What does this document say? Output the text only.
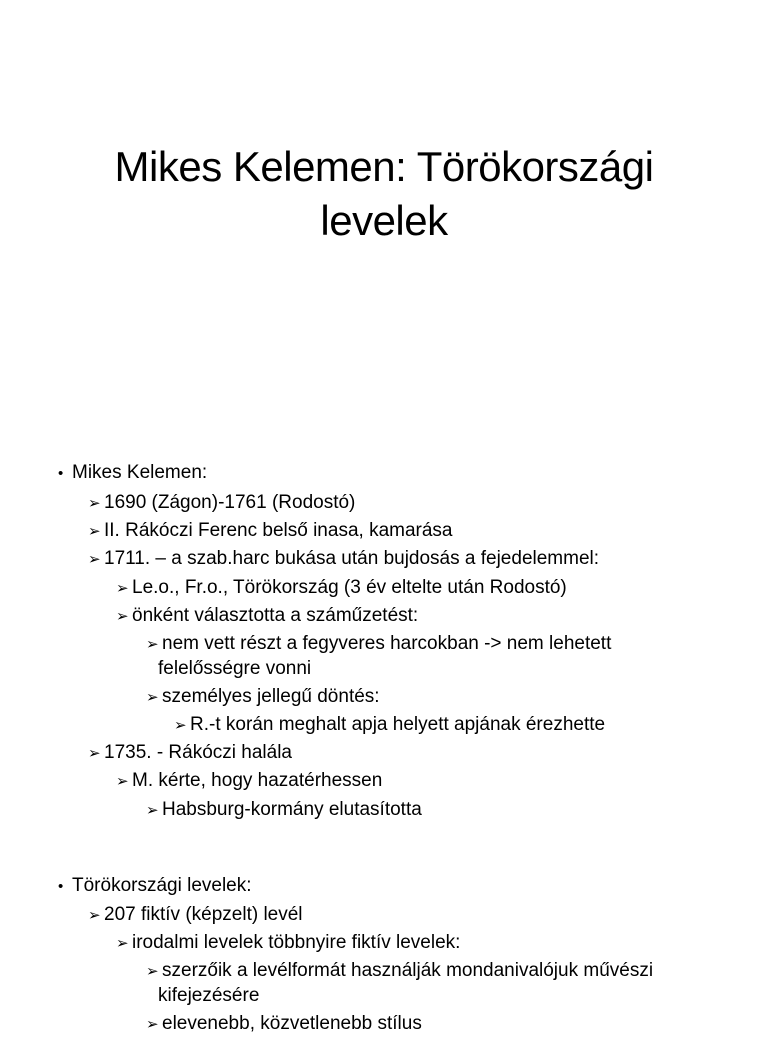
Mikes Kelemen: Törökországi levelek
• Mikes Kelemen:
➢ 1690 (Zágon)-1761 (Rodostó)
➢ II. Rákóczi Ferenc belső inasa, kamarása
➢ 1711. – a szab.harc bukása után bujdosás a fejedelemmel:
➢ Le.o., Fr.o., Törökország (3 év eltelte után Rodostó)
➢ önként választotta a száműzetést:
➢ nem vett részt a fegyveres harcokban -> nem lehetett
felelősségre vonni
➢ személyes jellegű döntés:
➢ R.-t korán meghalt apja helyett apjának érezhette
➢ 1735. - Rákóczi halála
➢ M. kérte, hogy hazatérhessen
➢ Habsburg-kormány elutasította
• Törökországi levelek:
➢ 207 fiktív (képzelt) levél
➢ irodalmi levelek többnyire fiktív levelek:
➢ szerzőik a levélformát használják mondanivalójuk művészi
kifejezésére
➢ elevenebb, közvetlenebb stílus
